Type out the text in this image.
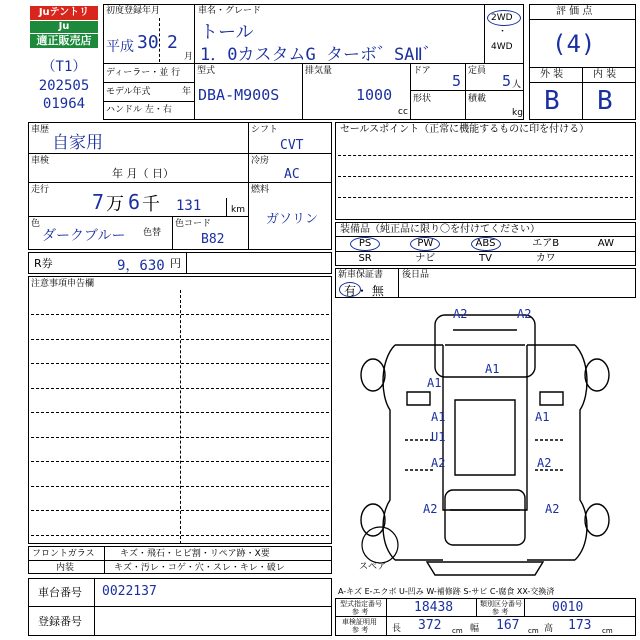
Juテントリ
Ju
適正販売店
（T1）
202505
01964
初度登録年月
平成 30 2
月
車名・グレード
トール
1．0カスタムG ターボ゛SAⅡ゛
2WD
・
4WD
ディーラー・並 行
モデル年式	年
ハンドル 左・右
型式
DBA-M900S
排気量
1000
cc
ドア
5
定員
5 人
形状	積載
kg
評 価 点
(4)
外 装	内 装
B B
車歴
自家用
車検
年 月（ 日）
走行 7 万 6 千 131	km
色
ダークブルー 色替
色コード
B82
シフト
CVT
冷房
AC
燃料
ガソリン
R券	9，630 円
注意事項申告欄
セールスポイント（正常に機能するものに印を付ける）
装備品（純正品に限り〇を付けてください）
PS	PW	ABS	エアB	AW
SR	ナビ	TV	カワ
新車保証書
有・ 無
後日品
A2	A2
A1
A1
A1	A1
U1
A2	A2
A2	A2
スペア
フロントガラス	キズ・飛石・ヒビ割・リペア跡・X要
内装	キズ・汚レ・コゲ・穴・スレ・キレ・破レ
車台番号 0022137
登録番号
A-キズ E-エクボ U-凹み W-補修跡 S-サビ C-腐食 XX-交換済
型式指定番号
参 考	18438	類別区分番号
参 考	0010
車検証明用
参 考	長 372 cm 幅 167 cm 高 173 cm
